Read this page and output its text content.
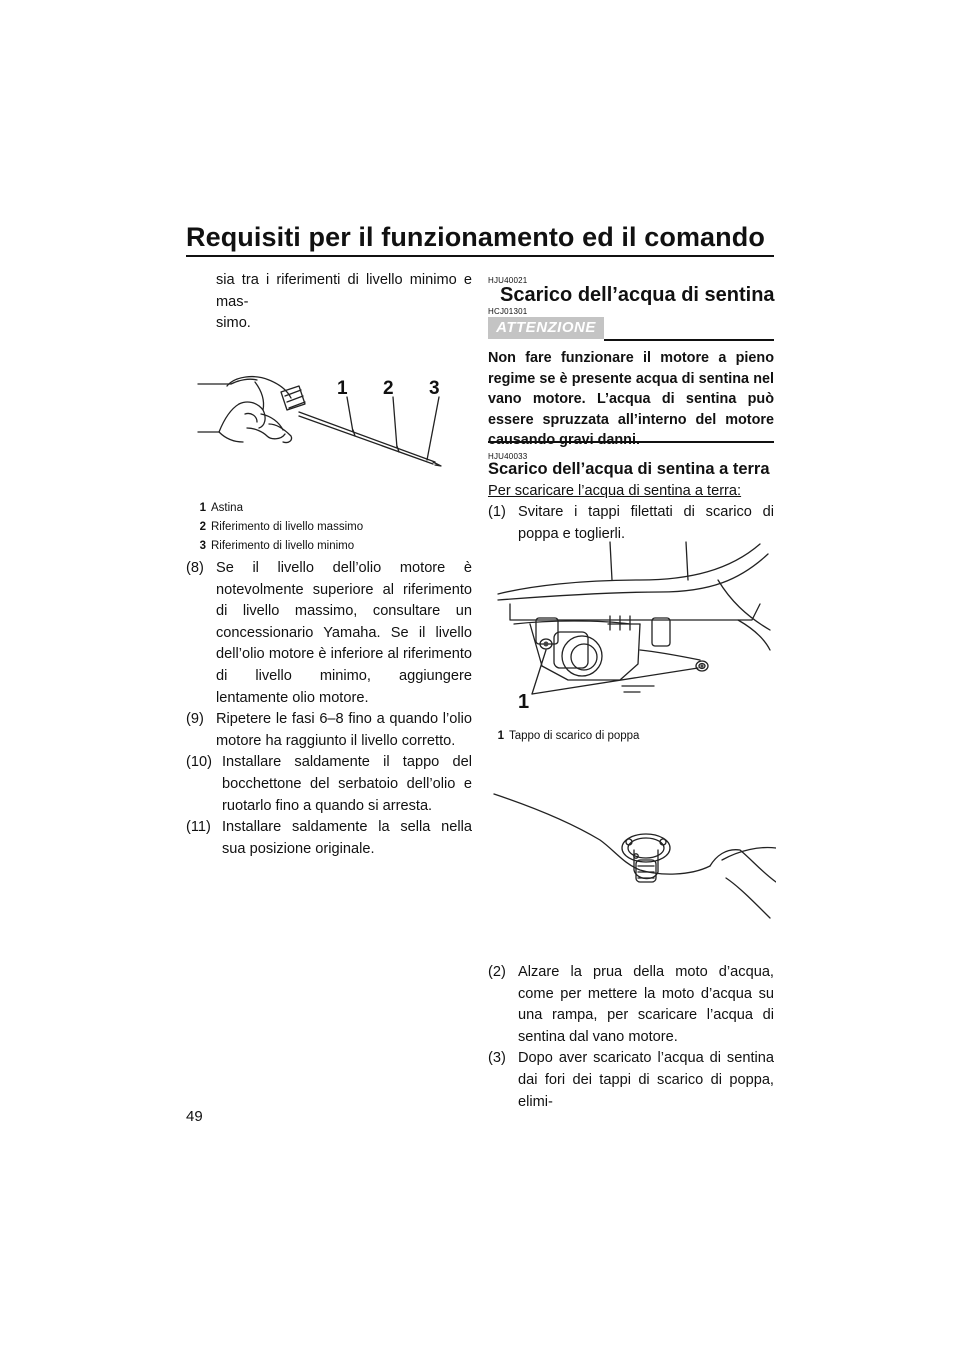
Requisiti per il funzionamento ed il comando
sia tra i riferimenti di livello minimo e mas-
simo.
1 2 3
1 Astina
2 Riferimento di livello massimo
3 Riferimento di livello minimo
(8) Se il livello dell’olio motore è notevolmente superiore al riferimento di livello massimo, consultare un concessionario Yamaha. Se il livello dell’olio motore è inferiore al riferimento di livello minimo, aggiungere lentamente olio motore.
(9) Ripetere le fasi 6–8 fino a quando l’olio motore ha raggiunto il livello corretto.
(10) Installare saldamente il tappo del bocchettone del serbatoio dell’olio e ruotarlo fino a quando si arresta.
(11) Installare saldamente la sella nella sua posizione originale.
HJU40021
Scarico dell’acqua di sentina
HCJ01301
ATTENZIONE
Non fare funzionare il motore a pieno regime se è presente acqua di sentina nel vano motore. L’acqua di sentina può essere spruzzata all’interno del motore
HJU40033
Scarico dell’acqua di sentina a terra
Per scaricare l’acqua di sentina a terra:
(1) Svitare i tappi filettati di scarico di poppa e toglierli.
1
1 Tappo di scarico di poppa
(2) Alzare la prua della moto d’acqua, come per mettere la moto d’acqua su una rampa, per scaricare l’acqua di sentina dal vano motore.
(3) Dopo aver scaricato l’acqua di sentina dai fori dei tappi di scarico di poppa, elimi-
49
